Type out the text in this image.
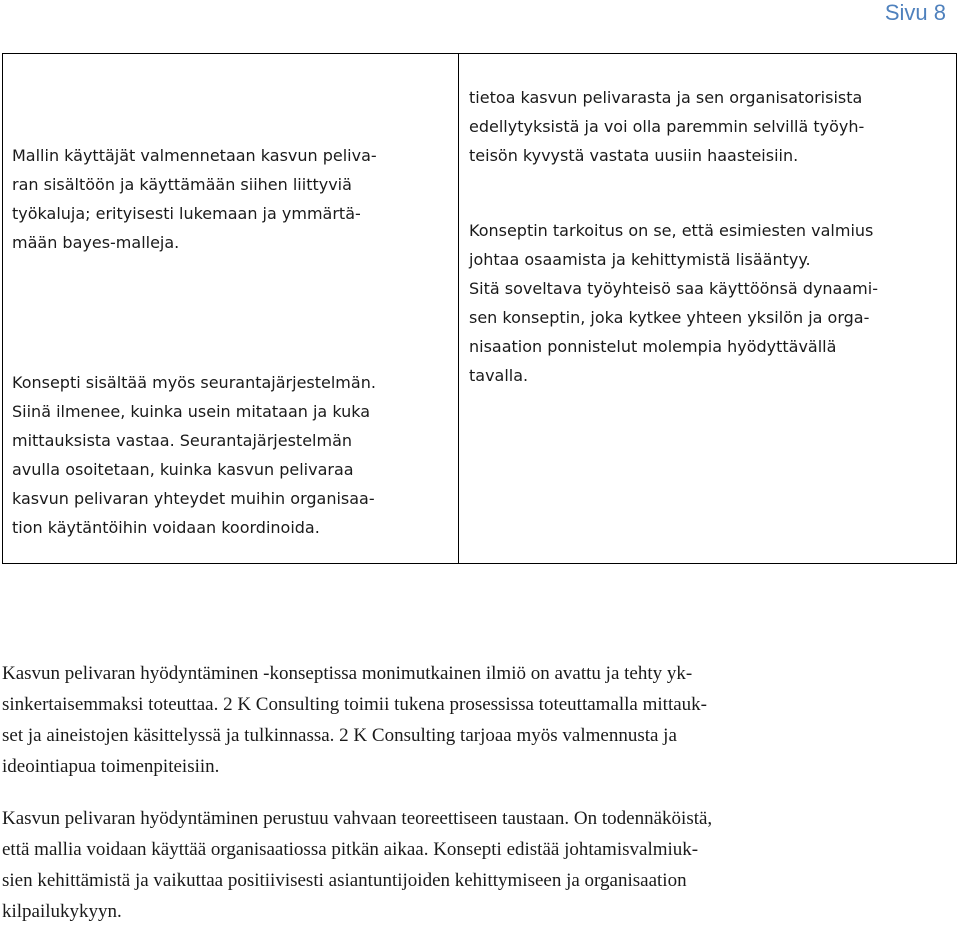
Sivu 8

Mallin käyttäjät valmennetaan kasvun peliva-
ran sisältöön ja käyttämään siihen liittyviä
työkaluja; erityisesti lukemaan ja ymmärtä-
mään bayes-malleja.

Konsepti sisältää myös seurantajärjestelmän.
Siinä ilmenee, kuinka usein mitataan ja kuka
mittauksista vastaa. Seurantajärjestelmän
avulla osoitetaan, kuinka kasvun pelivaraa
kasvun pelivaran yhteydet muihin organisaa-
tion käytäntöihin voidaan koordinoida.

tietoa kasvun pelivarasta ja sen organisatorisista
edellytyksistä ja voi olla paremmin selvillä työyh-
teisön kyvystä vastata uusiin haasteisiin.

Konseptin tarkoitus on se, että esimiesten valmius
johtaa osaamista ja kehittymistä lisääntyy.
Sitä soveltava työyhteisö saa käyttöönsä dynaami-
sen konseptin, joka kytkee yhteen yksilön ja orga-
nisaation ponnistelut molempia hyödyttävällä
tavalla.

Kasvun pelivaran hyödyntäminen -konseptissa monimutkainen ilmiö on avattu ja tehty yk-
sinkertaisemmaksi toteuttaa. 2 K Consulting toimii tukena prosessissa toteuttamalla mittauk-
set ja aineistojen käsittelyssä ja tulkinnassa. 2 K Consulting tarjoaa myös valmennusta ja
ideointiapua toimenpiteisiin.

Kasvun pelivaran hyödyntäminen perustuu vahvaan teoreettiseen taustaan. On todennäköistä,
että mallia voidaan käyttää organisaatiossa pitkän aikaa. Konsepti edistää johtamisvalmiuk-
sien kehittämistä ja vaikuttaa positiivisesti asiantuntijoiden kehittymiseen ja organisaation
kilpailukykyyn.
